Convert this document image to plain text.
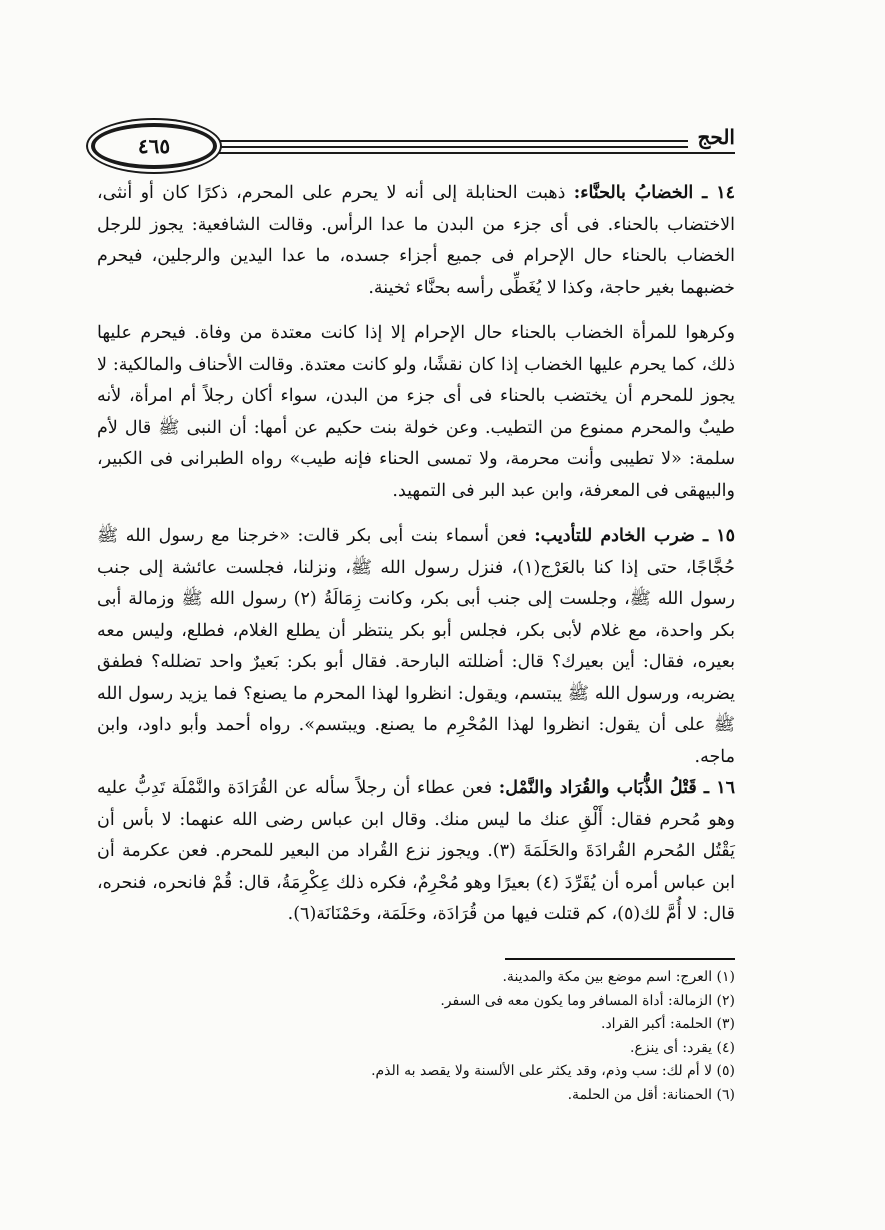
٤٦٥	الحج

١٤ ـ الخضابُ بالحنَّاء: ذهبت الحنابلة إلى أنه لا يحرم على المحرم، ذكرًا كان أو أنثى، الاختضاب بالحناء. فى أى جزء من البدن ما عدا الرأس. وقالت الشافعية: يجوز للرجل الخضاب بالحناء حال الإحرام فى جميع أجزاء جسده، ما عدا اليدين والرجلين، فيحرم خضبهما بغير حاجة، وكذا لا يُغَطِّى رأسه بحنَّاء ثخينة.

وكرهوا للمرأة الخضاب بالحناء حال الإحرام إلا إذا كانت معتدة من وفاة. فيحرم عليها ذلك، كما يحرم عليها الخضاب إذا كان نقشًا، ولو كانت معتدة. وقالت الأحناف والمالكية: لا يجوز للمحرم أن يختضب بالحناء فى أى جزء من البدن، سواء أكان رجلاً أم امرأة، لأنه طيبٌ والمحرم ممنوع من التطيب. وعن خولة بنت حكيم عن أمها: أن النبى ﷺ قال لأم سلمة: «لا تطيبى وأنت محرمة، ولا تمسى الحناء فإنه طيب» رواه الطبرانى فى الكبير، والبيهقى فى المعرفة، وابن عبد البر فى التمهيد.

١٥ ـ ضرب الخادم للتأديب: فعن أسماء بنت أبى بكر قالت: «خرجنا مع رسول الله ﷺ حُجَّاجًا، حتى إذا كنا بالعَرْج(١)، فنزل رسول الله ﷺ، ونزلنا، فجلست عائشة إلى جنب رسول الله ﷺ، وجلست إلى جنب أبى بكر، وكانت زِمَالَةُ (٢) رسول الله ﷺ وزمالة أبى بكر واحدة، مع غلام لأبى بكر، فجلس أبو بكر ينتظر أن يطلع الغلام، فطلع، وليس معه بعيره، فقال: أين بعيرك؟ قال: أضللته البارحة. فقال أبو بكر: بَعيرٌ واحد تضلله؟ فطفق يضربه، ورسول الله ﷺ يبتسم، ويقول: انظروا لهذا المحرم ما يصنع؟ فما يزيد رسول الله ﷺ على أن يقول: انظروا لهذا المُحْرِم ما يصنع. ويبتسم». رواه أحمد وأبو داود، وابن ماجه.

١٦ ـ قَتْلُ الذُّبَاب والقُرَاد والنَّمْل: فعن عطاء أن رجلاً سأله عن القُرَادَة والنَّمْلَة تَدِبُّ عليه وهو مُحرم فقال: أَلْقِ عنك ما ليس منك. وقال ابن عباس رضى الله عنهما: لا بأس أن يَقْتُل المُحرم القُرادَةَ والحَلَمَةَ (٣). ويجوز نزع القُراد من البعير للمحرم. فعن عكرمة أن ابن عباس أمره أن يُقَرِّدَ (٤) بعيرًا وهو مُحْرِمٌ، فكره ذلك عِكْرِمَةُ، قال: قُمْ فانحره، فنحره، قال: لا أُمَّ لك(٥)، كم قتلت فيها من قُرَادَة، وحَلَمَة، وحَمْنَانَة(٦).

(١) العرج: اسم موضع بين مكة والمدينة.

(٢) الزمالة: أداة المسافر وما يكون معه فى السفر.

(٣) الحلمة: أكبر القراد.

(٤) يقرد: أى ينزع.

(٥) لا أم لك: سب وذم، وقد يكثر على الألسنة ولا يقصد به الذم.

(٦) الحمنانة: أقل من الحلمة.
